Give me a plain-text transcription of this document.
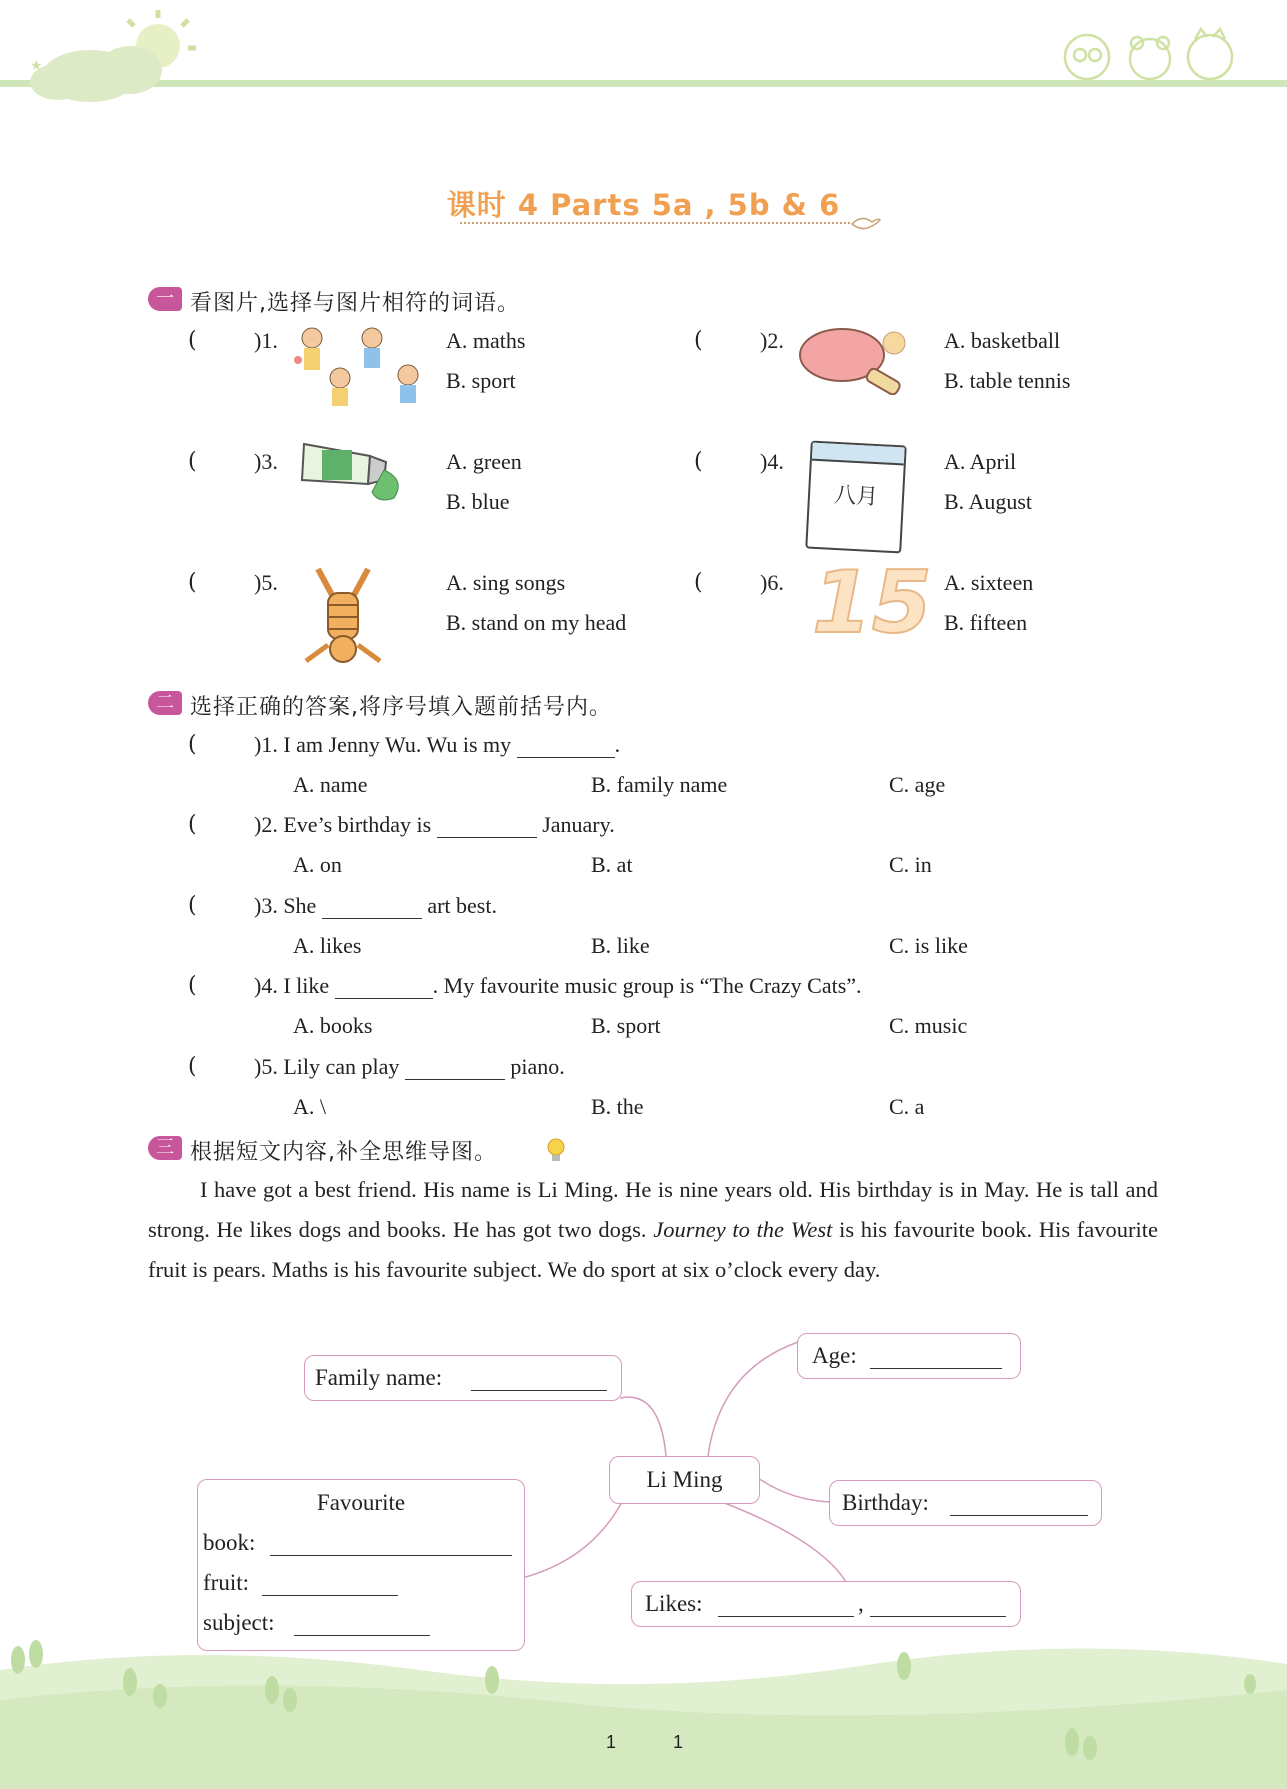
★
课时 4 Parts 5a , 5b & 6
一 看图片,选择与图片相符的词语。
(	)1.	A. maths
B. sport
(	)2.	A. basketball
B. table tennis
(	)3.	A. green
B. blue
(	)4.
八月
A. April
B. August
(	)5.	A. sing songs
B. stand on my head
(	)6. 15 A. sixteen
B. fifteen
二 选择正确的答案,将序号填入题前括号内。
(	)1. I am Jenny Wu. Wu is my	.
A. name	B. family name	C. age
(	)2. Eve’s birthday is	January.
A. on	B. at	C. in
(	)3. She	art best.
A. likes	B. like	C. is like
(	)4. I like	. My favourite music group is “The Crazy Cats”.
A. books	B. sport	C. music
(	)5. Lily can play	piano.
A. \	B. the	C. a
三 根据短文内容,补全思维导图。
I have got a best friend. His name is Li Ming. He is nine years old. His birthday is in May. He is tall and strong. He likes dogs and books. He has got two dogs. Journey to the West is his favourite book. His favourite fruit is pears. Maths is his favourite subject. We do sport at six o’clock every day.
Family name:
Age:
Li Ming
Birthday:
Favourite
book:
fruit:
subject:
Likes:	,
1	1
